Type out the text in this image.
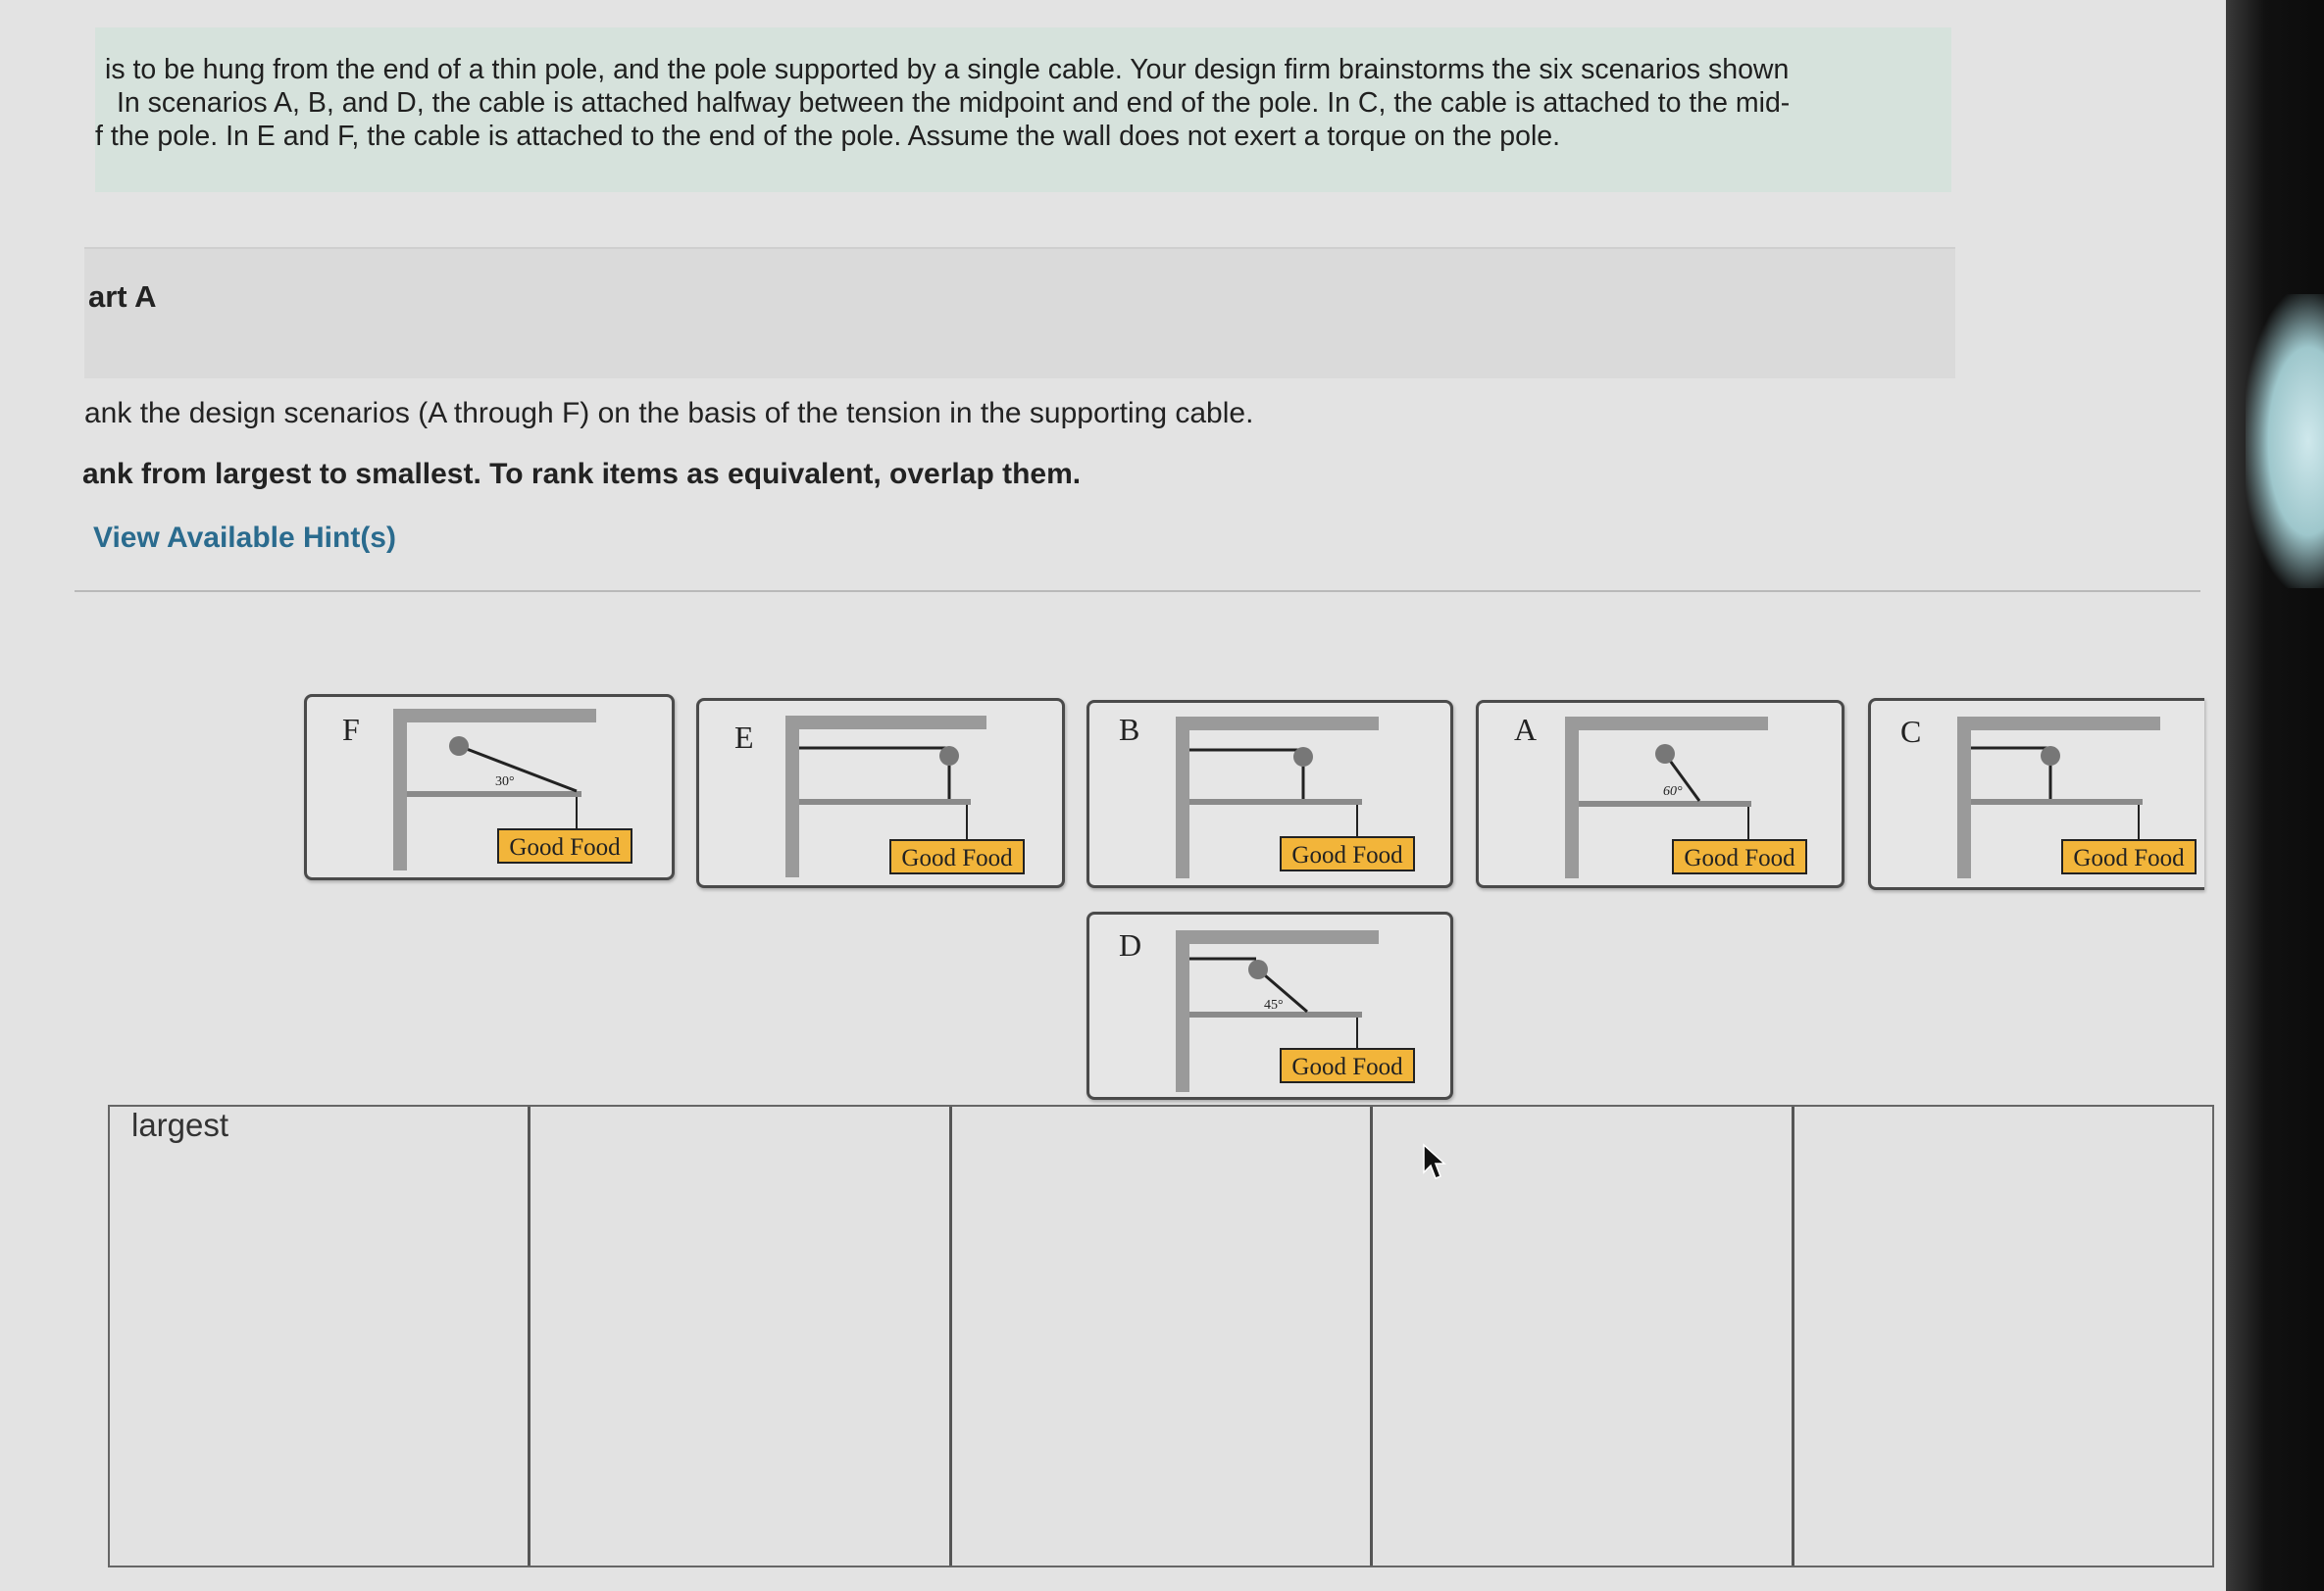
is to be hung from the end of a thin pole, and the pole supported by a single cable. Your design firm brainstorms the six scenarios shown
In scenarios A, B, and D, the cable is attached halfway between the midpoint and end of the pole. In C, the cable is attached to the mid-
f the pole. In E and F, the cable is attached to the end of the pole. Assume the wall does not exert a torque on the pole.
art A
ank the design scenarios (A through F) on the basis of the tension in the supporting cable.
ank from largest to smallest. To rank items as equivalent, overlap them.
View Available Hint(s)
F
30°
Good Food
E
Good Food
B
Good Food
A
60°
Good Food
C
Good Food
D
45°
Good Food
largest
